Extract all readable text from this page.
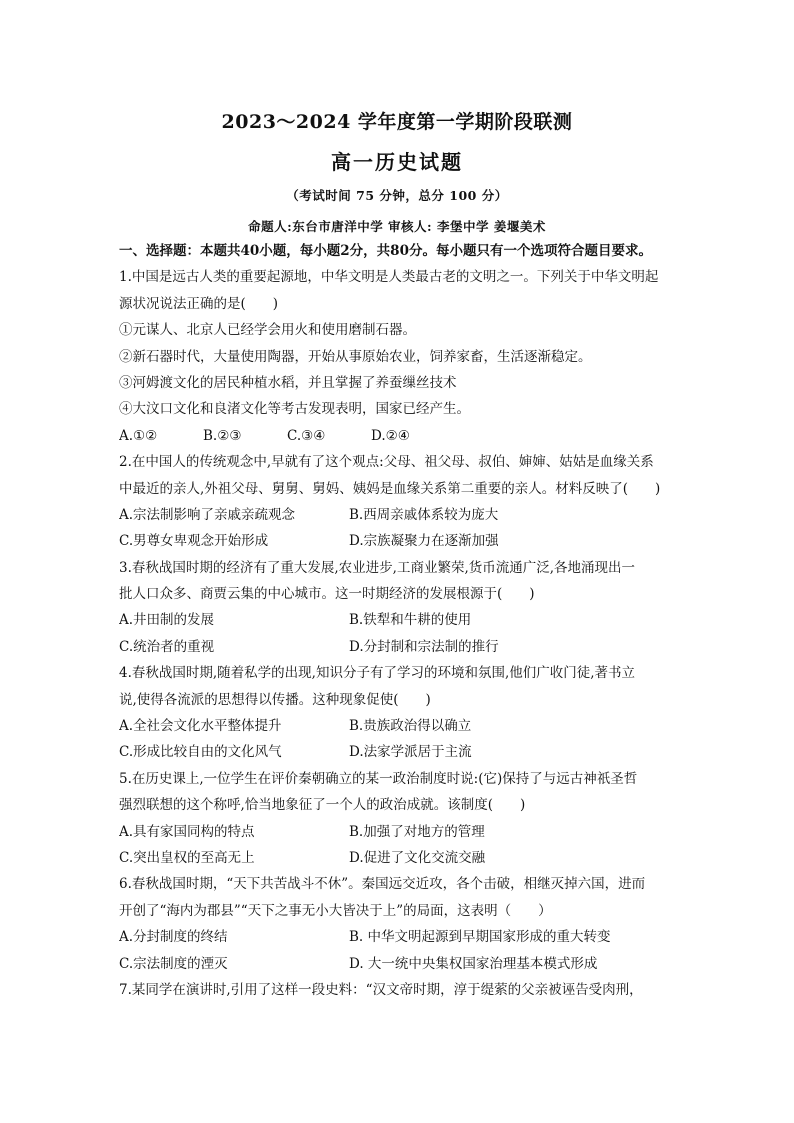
2023～2024 学年度第一学期阶段联测
高一历史试题
（考试时间 75 分钟，总分 100 分）
命题人:东台市唐洋中学 审核人: 李堡中学 姜堰美术
一、选择题：本题共40小题，每小题2分，共80分。每小题只有一个选项符合题目要求。
1.中国是远古人类的重要起源地，中华文明是人类最古老的文明之一。下列关于中华文明起
源状况说法正确的是(　　)
①元谋人、北京人已经学会用火和使用磨制石器。
②新石器时代，大量使用陶器，开始从事原始农业，饲养家畜，生活逐渐稳定。
③河姆渡文化的居民种植水稻，并且掌握了养蚕缫丝技术
④大汶口文化和良渚文化等考古发现表明，国家已经产生。
A.①②	B.②③	C.③④	D.②④
2.在中国人的传统观念中,早就有了这个观点:父母、祖父母、叔伯、婶婶、姑姑是血缘关系
中最近的亲人,外祖父母、舅舅、舅妈、姨妈是血缘关系第二重要的亲人。材料反映了(　　)
A.宗法制影响了亲戚亲疏观念	B.西周亲戚体系较为庞大
C.男尊女卑观念开始形成	D.宗族凝聚力在逐渐加强
3.春秋战国时期的经济有了重大发展,农业进步,工商业繁荣,货币流通广泛,各地涌现出一
批人口众多、商贾云集的中心城市。这一时期经济的发展根源于(　　)
A.井田制的发展	B.铁犁和牛耕的使用
C.统治者的重视	D.分封制和宗法制的推行
4.春秋战国时期,随着私学的出现,知识分子有了学习的环境和氛围,他们广收门徒,著书立
说,使得各流派的思想得以传播。这种现象促使(　　)
A.全社会文化水平整体提升	B.贵族政治得以确立
C.形成比较自由的文化风气	D.法家学派居于主流
5.在历史课上,一位学生在评价秦朝确立的某一政治制度时说:(它)保持了与远古神祇圣哲
强烈联想的这个称呼,恰当地象征了一个人的政治成就。该制度(　　)
A.具有家国同构的特点	B.加强了对地方的管理
C.突出皇权的至高无上	D.促进了文化交流交融
6.春秋战国时期，“天下共苦战斗不休”。秦国远交近攻，各个击破，相继灭掉六国，进而
开创了“海内为郡县”“天下之事无小大皆决于上”的局面，这表明（　　）
A.分封制度的终结	B. 中华文明起源到早期国家形成的重大转变
C.宗法制度的湮灭	D. 大一统中央集权国家治理基本模式形成
7.某同学在演讲时,引用了这样一段史料：“汉文帝时期，淳于缇萦的父亲被诬告受肉刑，
